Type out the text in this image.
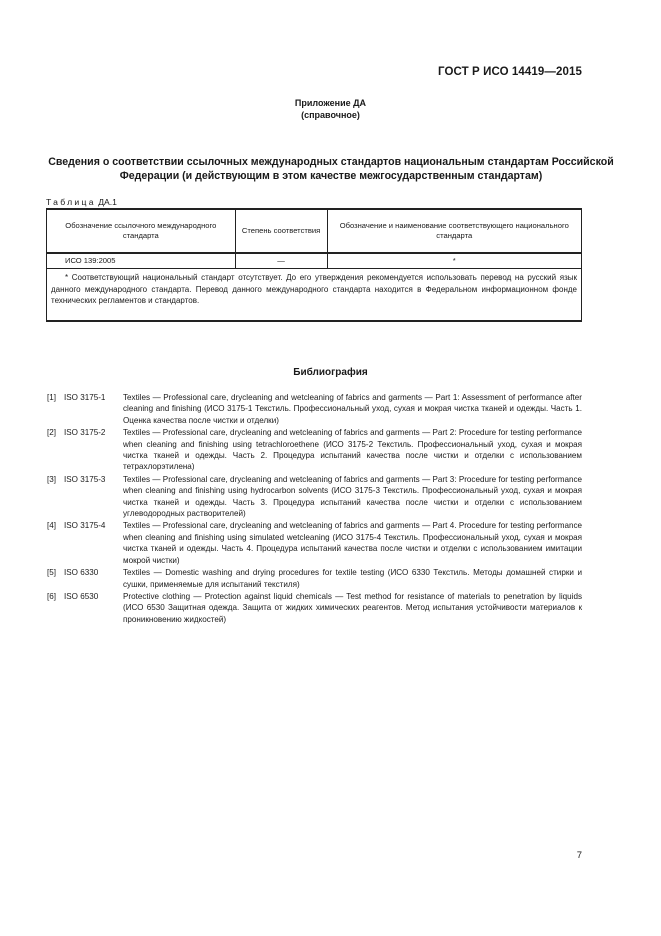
ГОСТ Р ИСО 14419—2015
Приложение ДА
(справочное)
Сведения о соответствии ссылочных международных стандартов национальным стандартам Российской Федерации (и действующим в этом качестве межгосударственным стандартам)
Таблица ДА.1
Обозначение ссылочного международного стандарта	Степень соответствия	Обозначение и наименование соответствующего национального стандарта
ИСО 139:2005	—	*
* Соответствующий национальный стандарт отсутствует. До его утверждения рекомендуется использовать перевод на русский язык данного международного стандарта. Перевод данного международного стандарта находится в Федеральном информационном фонде технических регламентов и стандартов.		
Библиография
[1] ISO 3175-1 Textiles — Professional care, drycleaning and wetcleaning of fabrics and garments — Part 1: Assessment of performance after cleaning and finishing (ИСО 3175-1 Текстиль. Профессиональный уход, сухая и мокрая чистка тканей и одежды. Часть 1. Оценка качества после чистки и отделки)
[2] ISO 3175-2 Textiles — Professional care, drycleaning and wetcleaning of fabrics and garments — Part 2: Procedure for testing performance when cleaning and finishing using tetrachloroethene (ИСО 3175-2 Текстиль. Профессиональный уход, сухая и мокрая чистка тканей и одежды. Часть 2. Процедура испытаний качества после чистки и отделки с использованием тетрахлорэтилена)
[3] ISO 3175-3 Textiles — Professional care, drycleaning and wetcleaning of fabrics and garments — Part 3: Procedure for testing performance when cleaning and finishing using hydrocarbon solvents (ИСО 3175-3 Текстиль. Профессиональный уход, сухая и мокрая чистка тканей и одежды. Часть 3. Процедура испытаний качества после чистки и отделки с использованием углеводородных растворителей)
[4] ISO 3175-4 Textiles — Professional care, drycleaning and wetcleaning of fabrics and garments — Part 4. Procedure for testing performance when cleaning and finishing using simulated wetcleaning (ИСО 3175-4 Текстиль. Профессиональный уход, сухая и мокрая чистка тканей и одежды. Часть 4. Процедура испытаний качества после чистки и отделки с использованием имитации мокрой чистки)
[5] ISO 6330	Textiles — Domestic washing and drying procedures for textile testing (ИСО 6330 Текстиль. Методы домашней стирки и сушки, применяемые для испытаний текстиля)
[6] ISO 6530	Protective clothing — Protection against liquid chemicals — Test method for resistance of materials to penetration by liquids (ИСО 6530 Защитная одежда. Защита от жидких химических реагентов. Метод испытания устойчивости материалов к проникновению жидкостей)
7
